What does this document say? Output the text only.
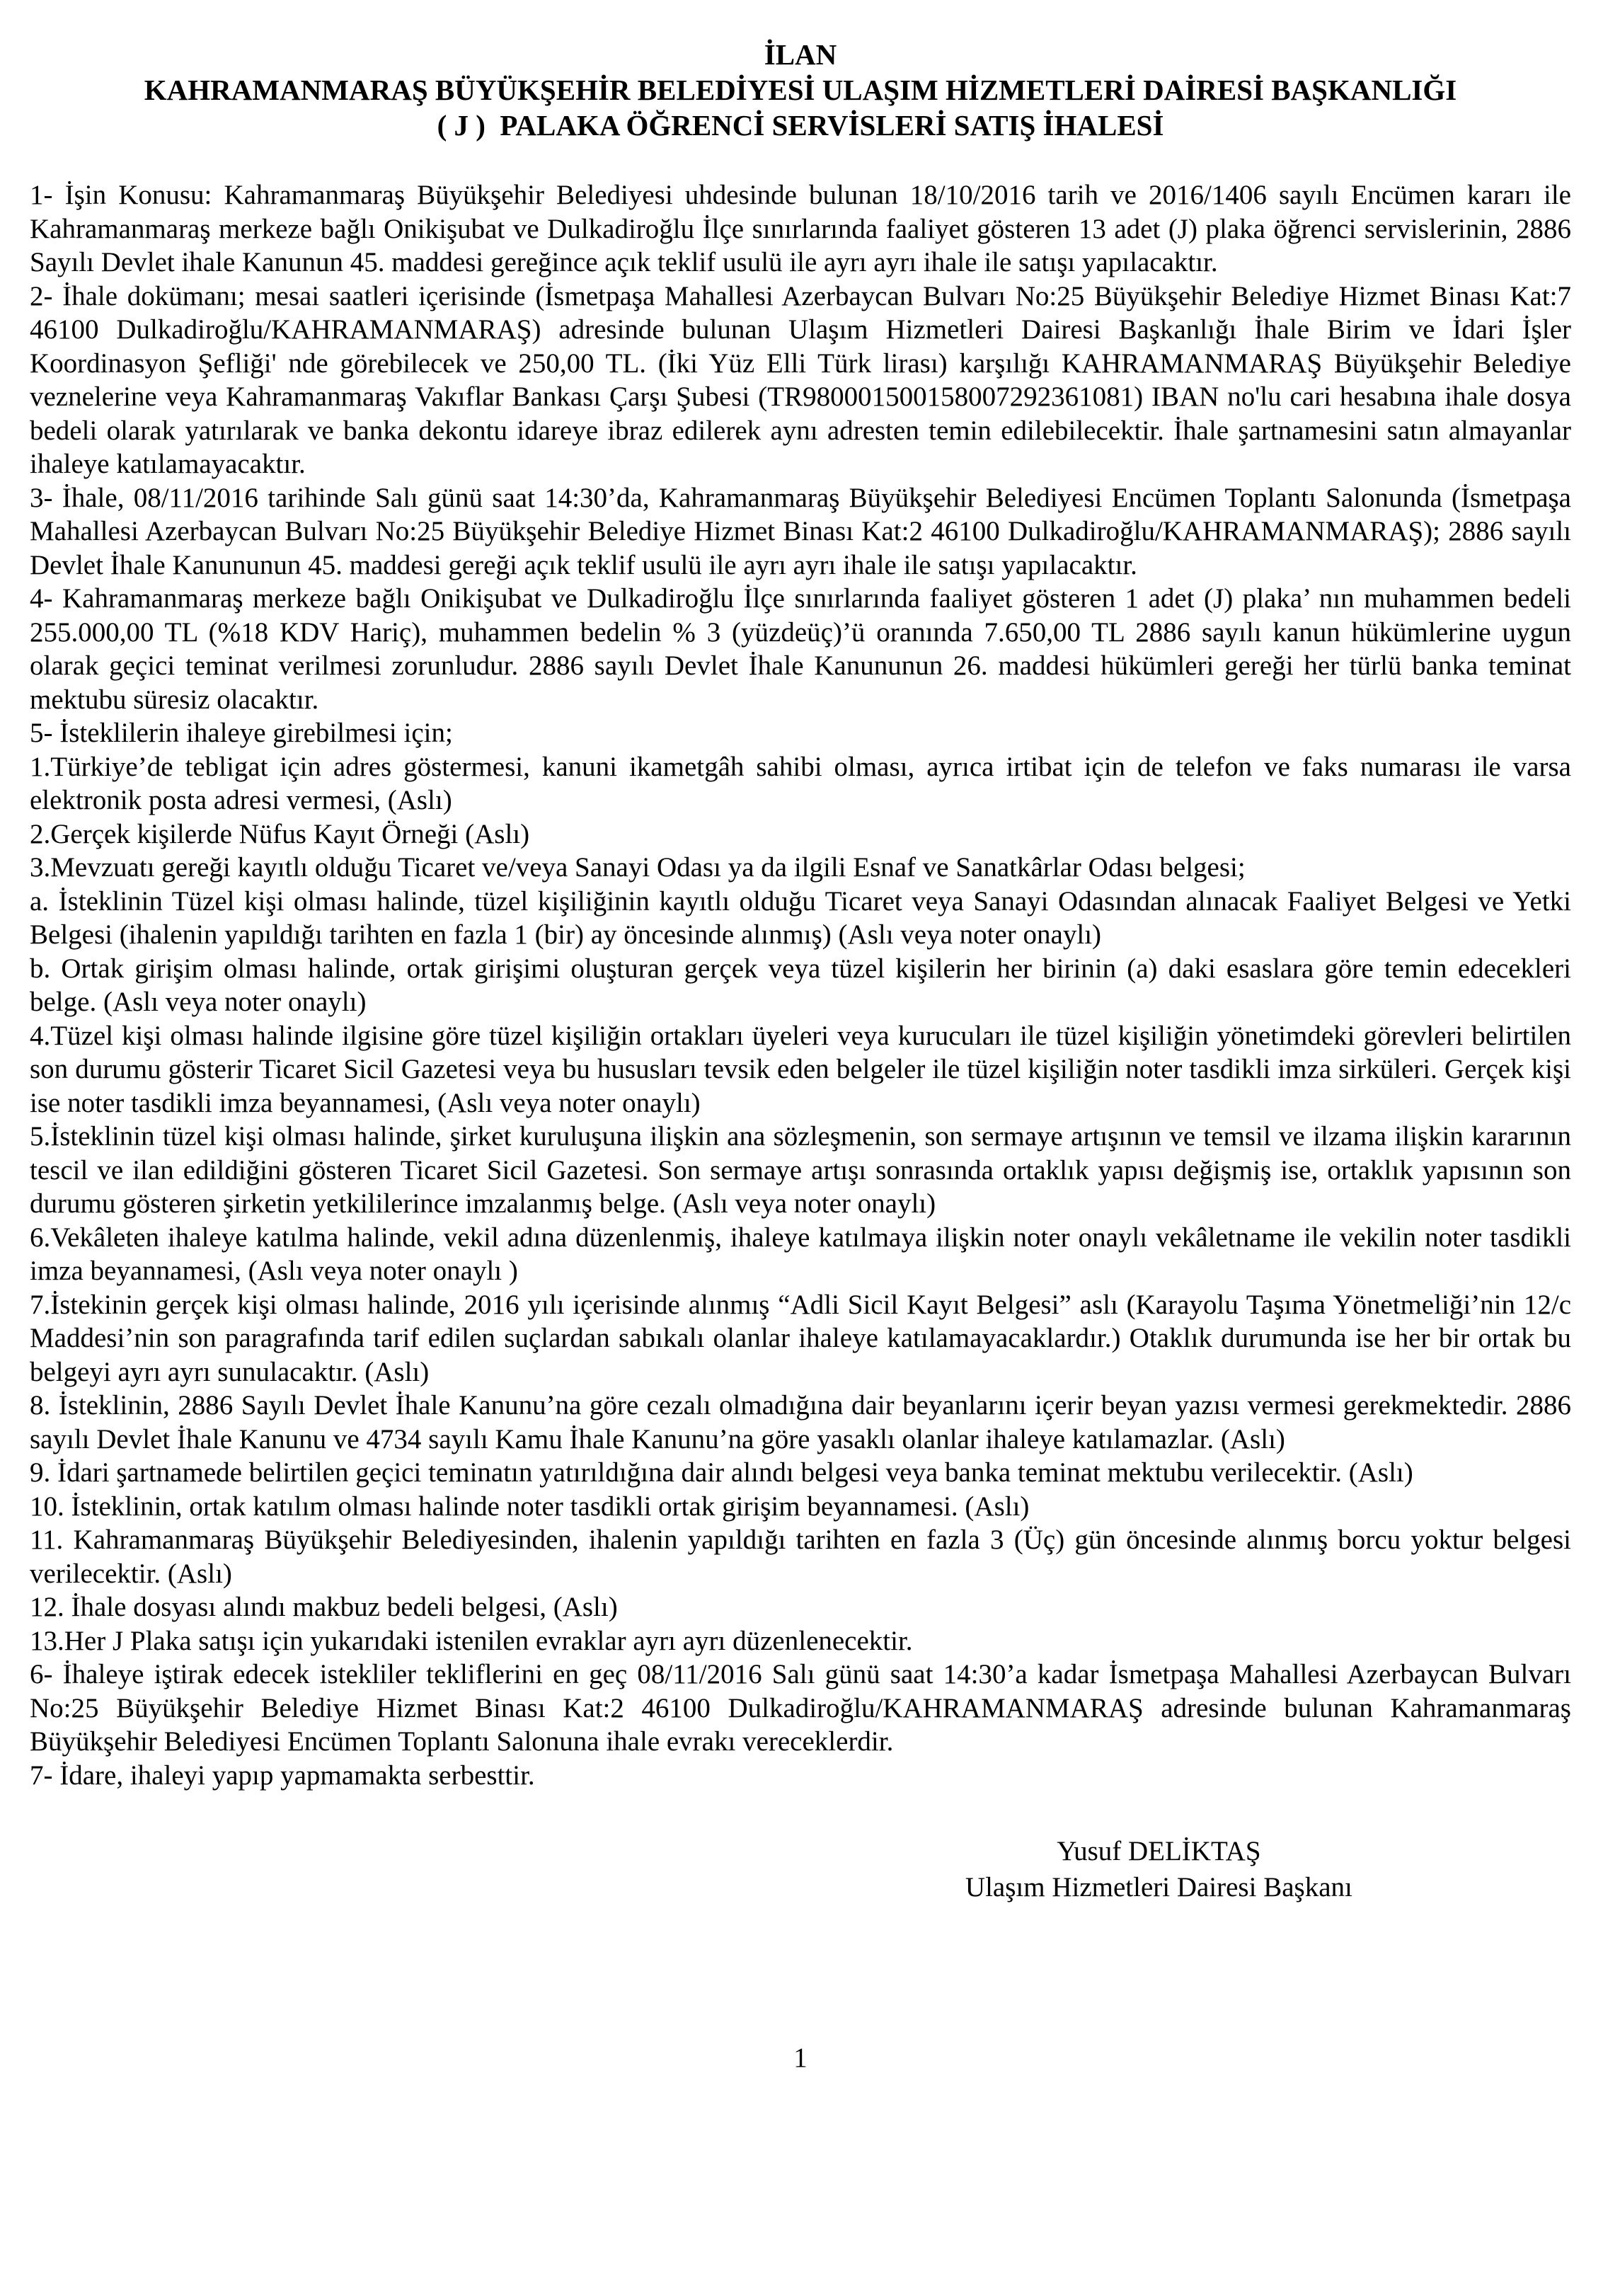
İLAN
KAHRAMANMARAŞ BÜYÜKŞEHİR BELEDİYESİ ULAŞIM HİZMETLERİ DAİRESİ BAŞKANLIĞI
( J )  PALAKA ÖĞRENCİ SERVİSLERİ SATIŞ İHALESİ

1- İşin Konusu: Kahramanmaraş Büyükşehir Belediyesi uhdesinde bulunan 18/10/2016 tarih ve 2016/1406 sayılı Encümen kararı ile Kahramanmaraş merkeze bağlı Onikişubat ve Dulkadiroğlu İlçe sınırlarında faaliyet gösteren 13 adet (J) plaka öğrenci servislerinin, 2886 Sayılı Devlet ihale Kanunun 45. maddesi gereğince açık teklif usulü ile ayrı ayrı ihale ile satışı yapılacaktır.

2- İhale dokümanı; mesai saatleri içerisinde (İsmetpaşa Mahallesi Azerbaycan Bulvarı No:25 Büyükşehir Belediye Hizmet Binası Kat:7 46100 Dulkadiroğlu/KAHRAMANMARAŞ) adresinde bulunan Ulaşım Hizmetleri Dairesi Başkanlığı İhale Birim ve İdari İşler Koordinasyon Şefliği' nde görebilecek ve 250,00 TL. (İki Yüz Elli Türk lirası) karşılığı KAHRAMANMARAŞ Büyükşehir Belediye veznelerine veya Kahramanmaraş Vakıflar Bankası Çarşı Şubesi (TR980001500158007292361081) IBAN no'lu cari hesabına ihale dosya bedeli olarak yatırılarak ve banka dekontu idareye ibraz edilerek aynı adresten temin edilebilecektir. İhale şartnamesini satın almayanlar ihaleye katılamayacaktır.

3- İhale, 08/11/2016 tarihinde Salı günü saat 14:30’da, Kahramanmaraş Büyükşehir Belediyesi Encümen Toplantı Salonunda (İsmetpaşa Mahallesi Azerbaycan Bulvarı No:25 Büyükşehir Belediye Hizmet Binası Kat:2 46100 Dulkadiroğlu/KAHRAMANMARAŞ); 2886 sayılı Devlet İhale Kanununun 45. maddesi gereği açık teklif usulü ile ayrı ayrı ihale ile satışı yapılacaktır.

4- Kahramanmaraş merkeze bağlı Onikişubat ve Dulkadiroğlu İlçe sınırlarında faaliyet gösteren 1 adet (J) plaka’ nın muhammen bedeli 255.000,00 TL (%18 KDV Hariç), muhammen bedelin % 3 (yüzdeüç)’ü oranında 7.650,00 TL 2886 sayılı kanun hükümlerine uygun olarak geçici teminat verilmesi zorunludur. 2886 sayılı Devlet İhale Kanununun 26. maddesi hükümleri gereği her türlü banka teminat mektubu süresiz olacaktır.

5- İsteklilerin ihaleye girebilmesi için;

1.Türkiye’de tebligat için adres göstermesi, kanuni ikametgâh sahibi olması, ayrıca irtibat için de telefon ve faks numarası ile varsa elektronik posta adresi vermesi, (Aslı)

2.Gerçek kişilerde Nüfus Kayıt Örneği (Aslı)

3.Mevzuatı gereği kayıtlı olduğu Ticaret ve/veya Sanayi Odası ya da ilgili Esnaf ve Sanatkârlar Odası belgesi;

a. İsteklinin Tüzel kişi olması halinde, tüzel kişiliğinin kayıtlı olduğu Ticaret veya Sanayi Odasından alınacak Faaliyet Belgesi ve Yetki Belgesi (ihalenin yapıldığı tarihten en fazla 1 (bir) ay öncesinde alınmış) (Aslı veya noter onaylı)

b. Ortak girişim olması halinde, ortak girişimi oluşturan gerçek veya tüzel kişilerin her birinin (a) daki esaslara göre temin edecekleri belge. (Aslı veya noter onaylı)

4.Tüzel kişi olması halinde ilgisine göre tüzel kişiliğin ortakları üyeleri veya kurucuları ile tüzel kişiliğin yönetimdeki görevleri belirtilen son durumu gösterir Ticaret Sicil Gazetesi veya bu hususları tevsik eden belgeler ile tüzel kişiliğin noter tasdikli imza sirküleri. Gerçek kişi ise noter tasdikli imza beyannamesi, (Aslı veya noter onaylı)

5.İsteklinin tüzel kişi olması halinde, şirket kuruluşuna ilişkin ana sözleşmenin, son sermaye artışının ve temsil ve ilzama ilişkin kararının tescil ve ilan edildiğini gösteren Ticaret Sicil Gazetesi. Son sermaye artışı sonrasında ortaklık yapısı değişmiş ise, ortaklık yapısının son durumu gösteren şirketin yetkililerince imzalanmış belge. (Aslı veya noter onaylı)

6.Vekâleten ihaleye katılma halinde, vekil adına düzenlenmiş, ihaleye katılmaya ilişkin noter onaylı vekâletname ile vekilin noter tasdikli imza beyannamesi, (Aslı veya noter onaylı )

7.İstekinin gerçek kişi olması halinde, 2016 yılı içerisinde alınmış “Adli Sicil Kayıt Belgesi” aslı (Karayolu Taşıma Yönetmeliği’nin 12/c Maddesi’nin son paragrafında tarif edilen suçlardan sabıkalı olanlar ihaleye katılamayacaklardır.) Otaklık durumunda ise her bir ortak bu belgeyi ayrı ayrı sunulacaktır. (Aslı)

8. İsteklinin, 2886 Sayılı Devlet İhale Kanunu’na göre cezalı olmadığına dair beyanlarını içerir beyan yazısı vermesi gerekmektedir. 2886 sayılı Devlet İhale Kanunu ve 4734 sayılı Kamu İhale Kanunu’na göre yasaklı olanlar ihaleye katılamazlar. (Aslı)

9. İdari şartnamede belirtilen geçici teminatın yatırıldığına dair alındı belgesi veya banka teminat mektubu verilecektir. (Aslı)

10. İsteklinin, ortak katılım olması halinde noter tasdikli ortak girişim beyannamesi. (Aslı)

11. Kahramanmaraş Büyükşehir Belediyesinden, ihalenin yapıldığı tarihten en fazla 3 (Üç) gün öncesinde alınmış borcu yoktur belgesi verilecektir. (Aslı)

12. İhale dosyası alındı makbuz bedeli belgesi, (Aslı)

13.Her J Plaka satışı için yukarıdaki istenilen evraklar ayrı ayrı düzenlenecektir.

6- İhaleye iştirak edecek istekliler tekliflerini en geç 08/11/2016 Salı günü saat 14:30’a kadar İsmetpaşa Mahallesi Azerbaycan Bulvarı No:25 Büyükşehir Belediye Hizmet Binası Kat:2 46100 Dulkadiroğlu/KAHRAMANMARAŞ adresinde bulunan Kahramanmaraş Büyükşehir Belediyesi Encümen Toplantı Salonuna ihale evrakı vereceklerdir.

7- İdare, ihaleyi yapıp yapmamakta serbesttir.

Yusuf DELİKTAŞ
Ulaşım Hizmetleri Dairesi Başkanı
1
